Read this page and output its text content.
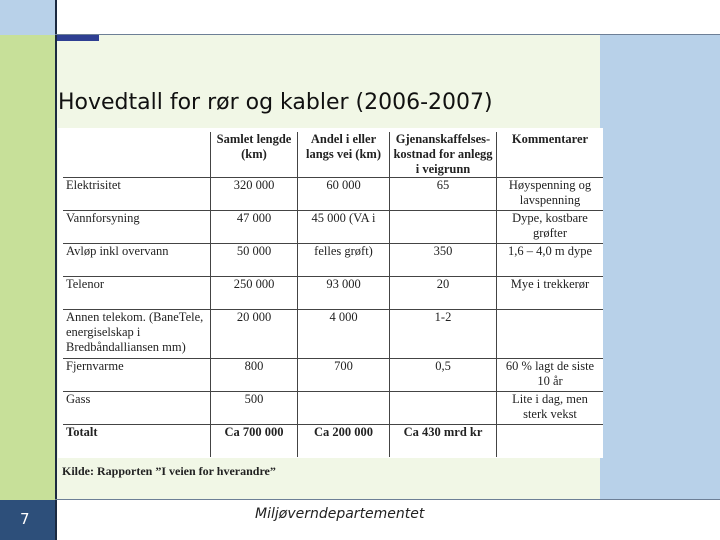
Hovedtall for rør og kabler (2006-2007)
	Samlet lengde (km)	Andel i eller langs vei (km)	Gjenanskaffelses-kostnad for anlegg i veigrunn	Kommentarer
Elektrisitet	320 000	60 000	65	Høyspenning og lavspenning
Vannforsyning	47 000	45 000 (VA i		Dype, kostbare grøfter
Avløp inkl overvann	50 000	felles grøft)	350	1,6 – 4,0 m dype
Telenor	250 000	93 000	20	Mye i trekkerør
Annen telekom. (BaneTele, energiselskap i Bredbåndalliansen mm)	20 000	4 000	1-2	
Fjernvarme	800	700	0,5	60 % lagt de siste 10 år
Gass	500			Lite i dag, men sterk vekst
Totalt	Ca 700 000	Ca 200 000	Ca 430 mrd kr	
Kilde: Rapporten ”I veien for hverandre”
7	Miljøverndepartementet
